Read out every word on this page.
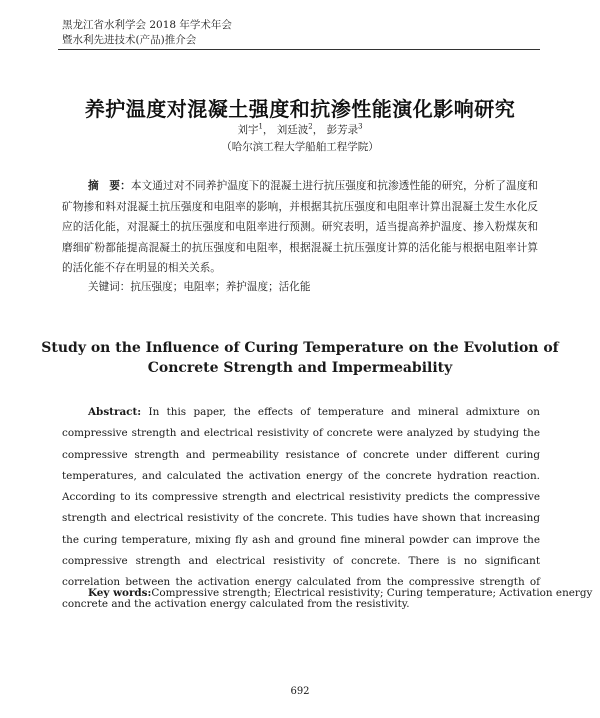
黑龙江省水利学会 2018 年学术年会
暨水利先进技术(产品)推介会
养护温度对混凝土强度和抗渗性能演化影响研究
刘宇$^1$， 刘廷波$^2$， 彭芳录$^3$
（哈尔滨工程大学船舶工程学院）
摘　要：本文通过对不同养护温度下的混凝土进行抗压强度和抗渗透性能的研究，分析了温度和矿物掺和料对混凝土抗压强度和电阻率的影响，并根据其抗压强度和电阻率计算出混凝土发生水化反应的活化能，对混凝土的抗压强度和电阻率进行预测。研究表明，适当提高养护温度、掺入粉煤灰和磨细矿粉都能提高混凝土的抗压强度和电阻率，根据混凝土抗压强度计算的活化能与根据电阻率计算的活化能不存在明显的相关关系。
关键词：抗压强度；电阻率；养护温度；活化能
Study on the Influence of Curing Temperature on the Evolution of
Concrete Strength and Impermeability
Abstract: In this paper, the effects of temperature and mineral admixture on compressive strength and electrical resistivity of concrete were analyzed by studying the compressive strength and permeability resistance of concrete under different curing temperatures, and calculated the activation energy of the concrete hydration reaction. According to its compressive strength and electrical resistivity predicts the compressive strength and electrical resistivity of the concrete. This tudies have shown that increasing the curing temperature, mixing fly ash and ground fine mineral powder can improve the compressive strength and electrical resistivity of concrete. There is no significant correlation between the activation energy calculated from the compressive strength of concrete and the activation energy calculated from the resistivity.
Key words:Compressive strength; Electrical resistivity; Curing temperature; Activation energy
692
